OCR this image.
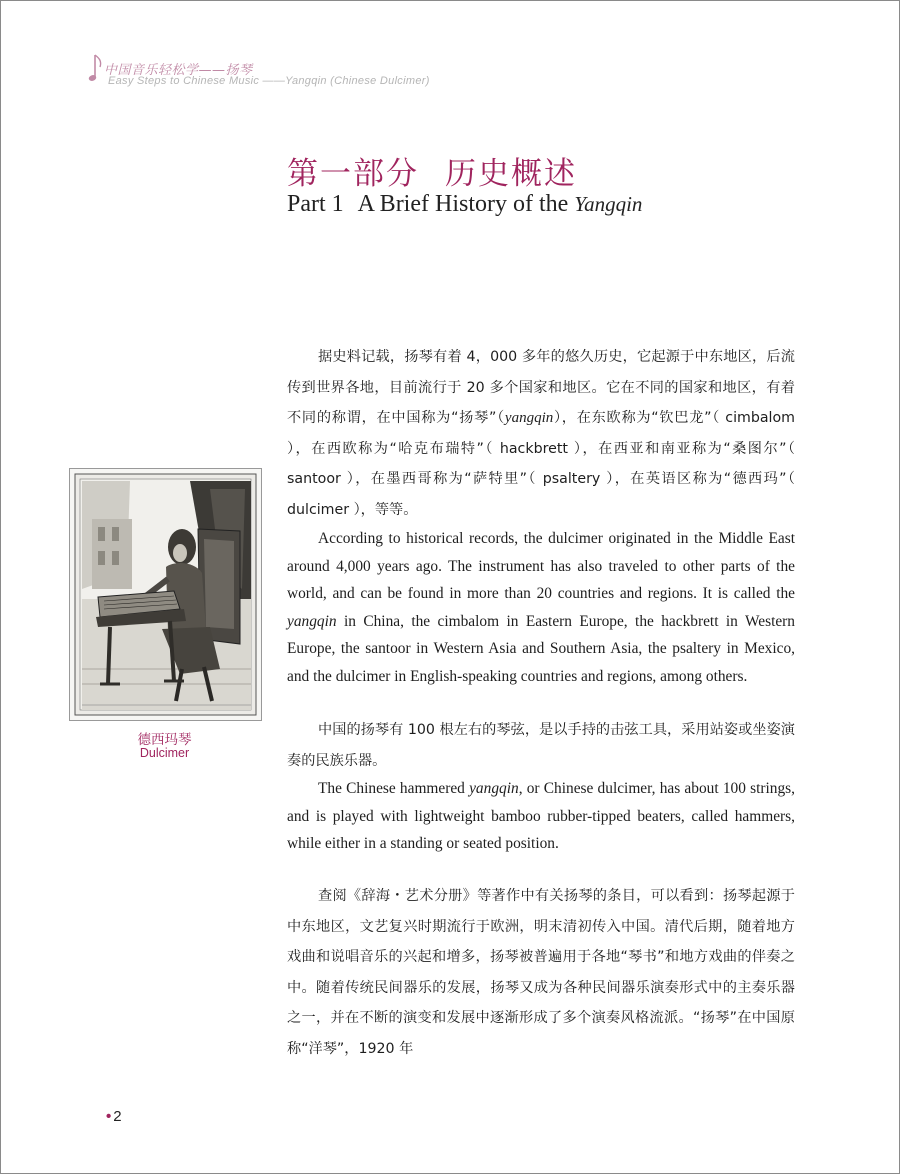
中国音乐轻松学——扬琴
Easy Steps to Chinese Music ——Yangqin (Chinese Dulcimer)
第一部分 历史概述
Part 1 A Brief History of the Yangqin
据史料记载，扬琴有着 4，000 多年的悠久历史，它起源于中东地区，后流传到世界各地，目前流行于 20 多个国家和地区。它在不同的国家和地区，有着不同的称谓，在中国称为“扬琴”（yangqin），在东欧称为“钦巴龙”（ cimbalom ），在西欧称为“哈克布瑞特”（ hackbrett ），在西亚和南亚称为“桑图尔”（ santoor ），在墨西哥称为“萨特里”（ psaltery ），在英语区称为“德西玛”（ dulcimer ），等等。
According to historical records, the dulcimer originated in the Middle East around 4,000 years ago. The instrument has also traveled to other parts of the world, and can be found in more than 20 countries and regions. It is called the yangqin in China, the cimbalom in Eastern Europe, the hackbrett in Western Europe, the santoor in Western Asia and Southern Asia, the psaltery in Mexico, and the dulcimer in English-speaking countries and regions, among others.
中国的扬琴有 100 根左右的琴弦，是以手持的击弦工具，采用站姿或坐姿演奏的民族乐器。
The Chinese hammered yangqin, or Chinese dulcimer, has about 100 strings, and is played with lightweight bamboo rubber-tipped beaters, called hammers, while either in a standing or seated position.
查阅《辞海・艺术分册》等著作中有关扬琴的条目，可以看到：扬琴起源于中东地区，文艺复兴时期流行于欧洲，明末清初传入中国。清代后期，随着地方戏曲和说唱音乐的兴起和增多，扬琴被普遍用于各地“琴书”和地方戏曲的伴奏之中。随着传统民间器乐的发展，扬琴又成为各种民间器乐演奏形式中的主奏乐器之一，并在不断的演变和发展中逐渐形成了多个演奏风格流派。“扬琴”在中国原称“洋琴”，1920 年
德西玛琴
Dulcimer
• 2
